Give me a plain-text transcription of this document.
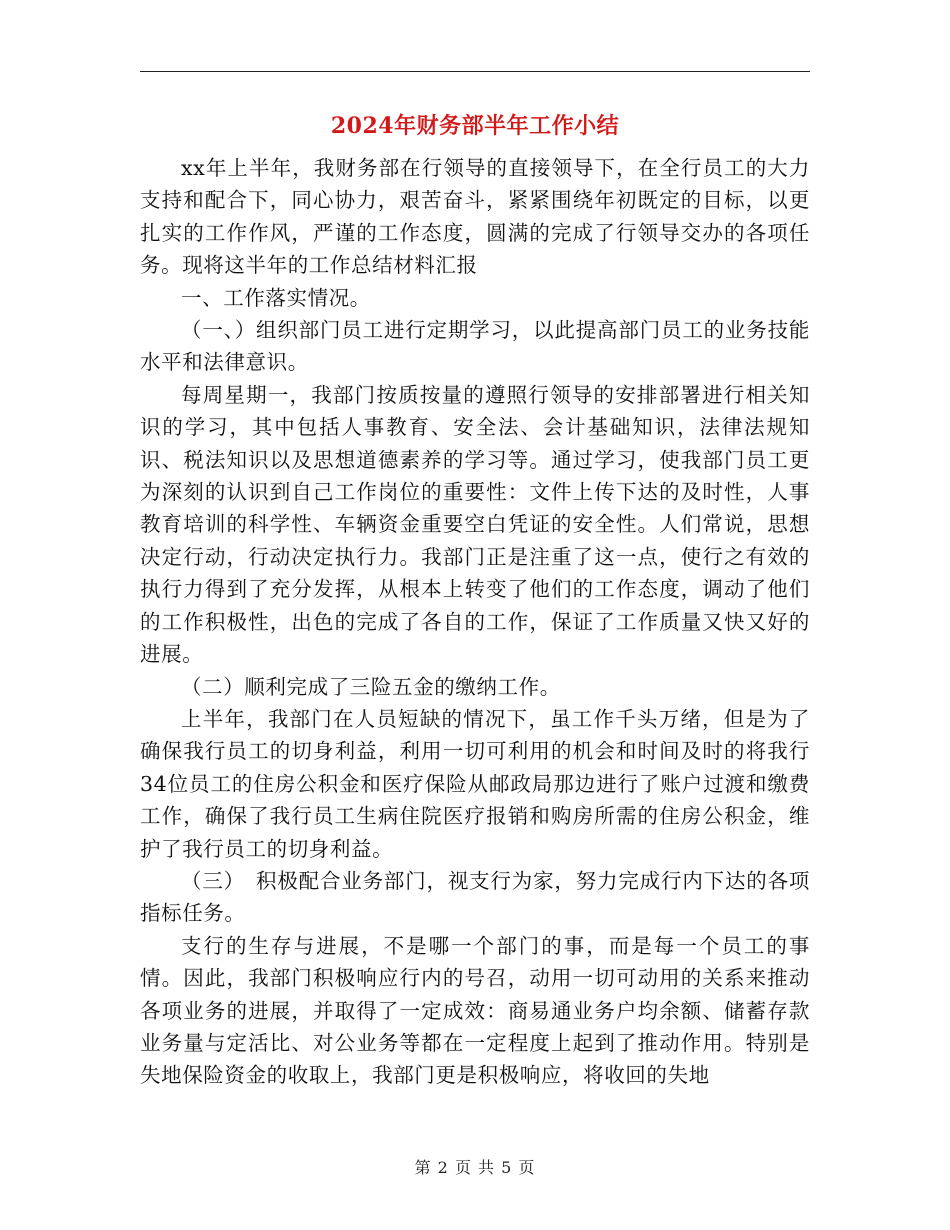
2024年财务部半年工作小结

xx年上半年，我财务部在行领导的直接领导下，在全行员工的大力支持和配合下，同心协力，艰苦奋斗，紧紧围绕年初既定的目标，以更扎实的工作作风，严谨的工作态度，圆满的完成了行领导交办的各项任务。现将这半年的工作总结材料汇报

一、工作落实情况。

（一、）组织部门员工进行定期学习，以此提高部门员工的业务技能水平和法律意识。

每周星期一，我部门按质按量的遵照行领导的安排部署进行相关知识的学习，其中包括人事教育、安全法、会计基础知识，法律法规知识、税法知识以及思想道德素养的学习等。通过学习，使我部门员工更为深刻的认识到自己工作岗位的重要性：文件上传下达的及时性，人事教育培训的科学性、车辆资金重要空白凭证的安全性。人们常说，思想决定行动，行动决定执行力。我部门正是注重了这一点，使行之有效的执行力得到了充分发挥，从根本上转变了他们的工作态度，调动了他们的工作积极性，出色的完成了各自的工作，保证了工作质量又快又好的进展。

（二）顺利完成了三险五金的缴纳工作。

上半年，我部门在人员短缺的情况下，虽工作千头万绪，但是为了确保我行员工的切身利益，利用一切可利用的机会和时间及时的将我行34位员工的住房公积金和医疗保险从邮政局那边进行了账户过渡和缴费工作，确保了我行员工生病住院医疗报销和购房所需的住房公积金，维护了我行员工的切身利益。

（三）　积极配合业务部门，视支行为家，努力完成行内下达的各项指标任务。

支行的生存与进展，不是哪一个部门的事，而是每一个员工的事情。因此，我部门积极响应行内的号召，动用一切可动用的关系来推动各项业务的进展，并取得了一定成效：商易通业务户均余额、储蓄存款业务量与定活比、对公业务等都在一定程度上起到了推动作用。特别是失地保险资金的收取上，我部门更是积极响应，将收回的失地

第 2 页 共 5 页
